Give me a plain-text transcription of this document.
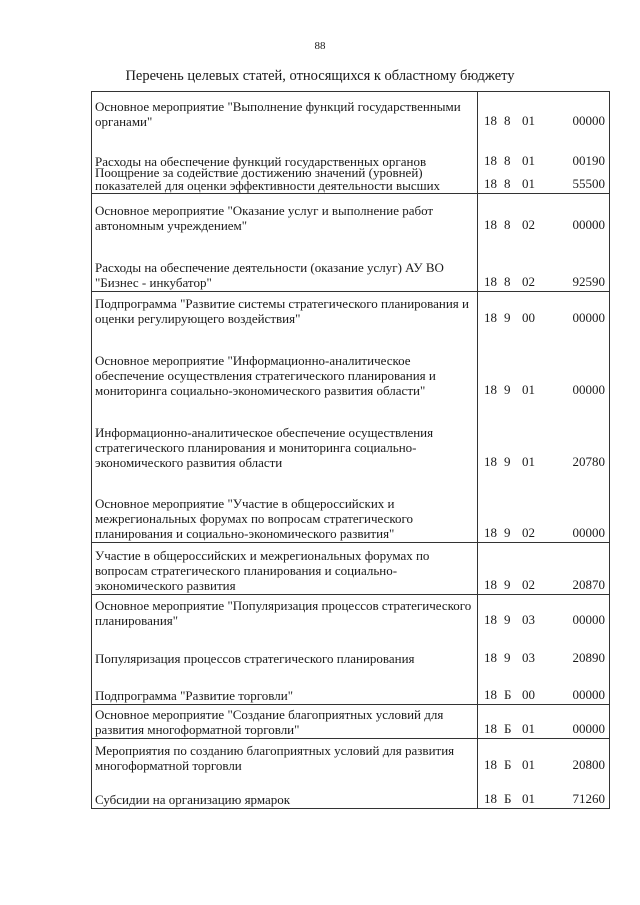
88
Перечень целевых статей, относящихся к областному бюджету
Основное мероприятие "Выполнение функций государственными органами"	18 8 01 00000

Расходы на обеспечение функций государственных органов	18 8 01 00190

Поощрение за содействие достижению значений (уровней) показателей для оценки эффективности деятельности высших	18 8 01 55500

Основное мероприятие "Оказание услуг и выполнение работ автономным учреждением"	18 8 02 00000

Расходы на обеспечение деятельности (оказание услуг) АУ ВО "Бизнес - инкубатор"	18 8 02 92590

Подпрограмма "Развитие системы стратегического планирования и оценки регулирующего воздействия"	18 9 00 00000

Основное мероприятие "Информационно-аналитическое обеспечение осуществления стратегического планирования и мониторинга социально-экономического развития области"	18 9 01 00000

Информационно-аналитическое обеспечение осуществления стратегического планирования и мониторинга социально-экономического развития области	18 9 01 20780

Основное мероприятие "Участие в общероссийских и межрегиональных форумах по вопросам стратегического планирования и социально-экономического развития"	18 9 02 00000

Участие в общероссийских и межрегиональных форумах по вопросам стратегического планирования и социально-экономического развития	18 9 02 20870

Основное мероприятие "Популяризация процессов стратегического планирования"	18 9 03 00000

Популяризация процессов стратегического планирования	18 9 03 20890

Подпрограмма "Развитие торговли"	18 Б 00 00000

Основное мероприятие "Создание благоприятных условий для развития многоформатной торговли"	18 Б 01 00000

Мероприятия по созданию благоприятных условий для развития многоформатной торговли	18 Б 01 20800

Субсидии на организацию ярмарок	18 Б 01 71260
